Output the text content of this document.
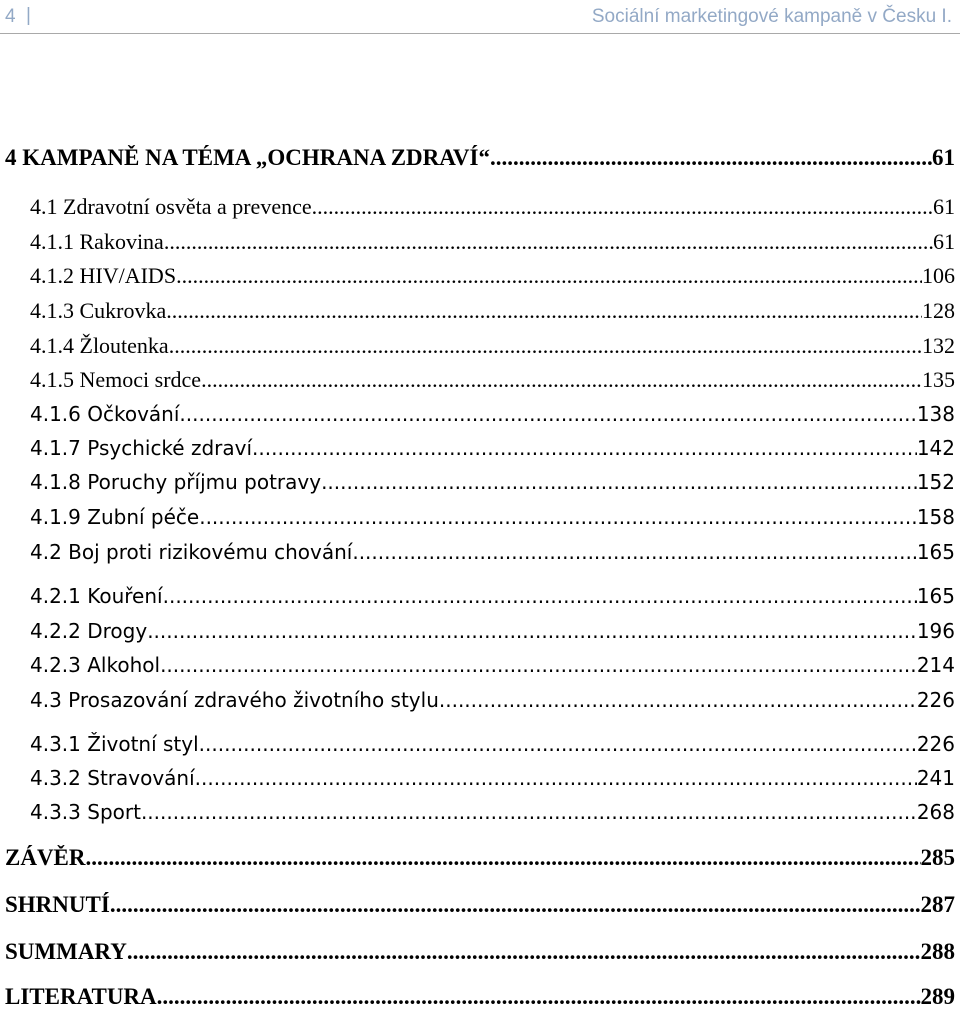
4 |	Sociální marketingové kampaně v Česku I.
4 KAMPANĚ NA TÉMA „OCHRANA ZDRAVÍ“ .....	61
4.1 Zdravotní osvěta a prevence .....	61
4.1.1 Rakovina .....	61
4.1.2 HIV/AIDS .....	106
4.1.3 Cukrovka .....	128
4.1.4 Žloutenka .....	132
4.1.5 Nemoci srdce .....	135
4.1.6 Očkování .....	138
4.1.7 Psychické zdraví .....	142
4.1.8 Poruchy příjmu potravy .....	152
4.1.9 Zubní péče .....	158
4.2 Boj proti rizikovému chování .....	165
4.2.1 Kouření .....	165
4.2.2 Drogy .....	196
4.2.3 Alkohol .....	214
4.3 Prosazování zdravého životního stylu .....	226
4.3.1 Životní styl .....	226
4.3.2 Stravování .....	241
4.3.3 Sport .....	268
ZÁVĚR .....	285
SHRNUTÍ .....	287
SUMMARY .....	288
LITERATURA .....	289
